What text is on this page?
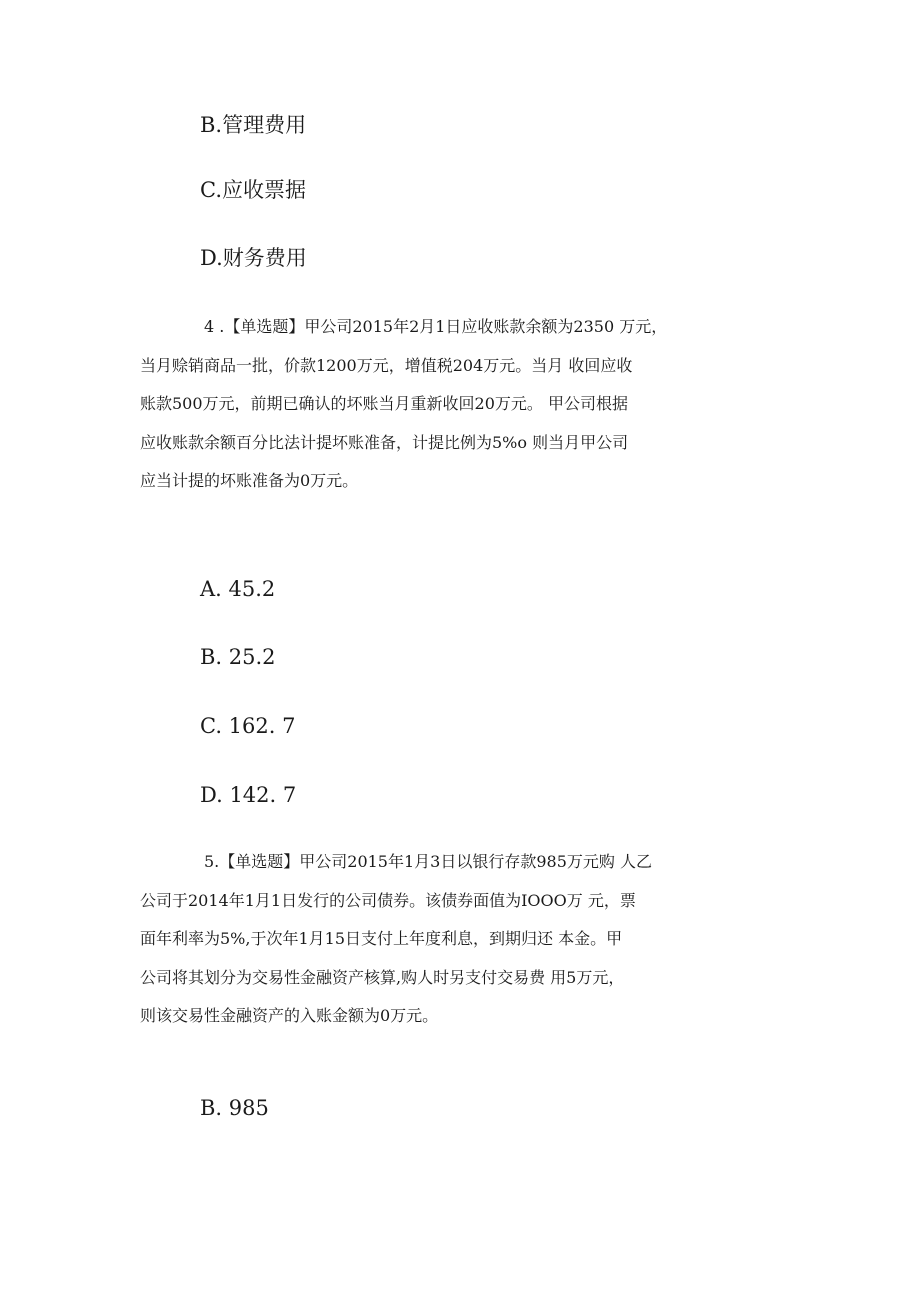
B.管理费用
C.应收票据
D.财务费用
4 .【单选题】甲公司2015年2月1日应收账款余额为2350 万元，
当月赊销商品一批，价款1200万元，增值税204万元。当月 收回应收
账款500万元，前期已确认的坏账当月重新收回20万元。 甲公司根据
应收账款余额百分比法计提坏账准备，计提比例为5%o 则当月甲公司
应当计提的坏账准备为0万元。
A. 45.2
B. 25.2
C. 162. 7
D. 142. 7
5.【单选题】甲公司2015年1月3日以银行存款985万元购 人乙
公司于2014年1月1日发行的公司债券。该债券面值为IOOO万 元，票
面年利率为5%,于次年1月15日支付上年度利息，到期归还 本金。甲
公司将其划分为交易性金融资产核算,购人时另支付交易费 用5万元，
则该交易性金融资产的入账金额为0万元。
B. 985
